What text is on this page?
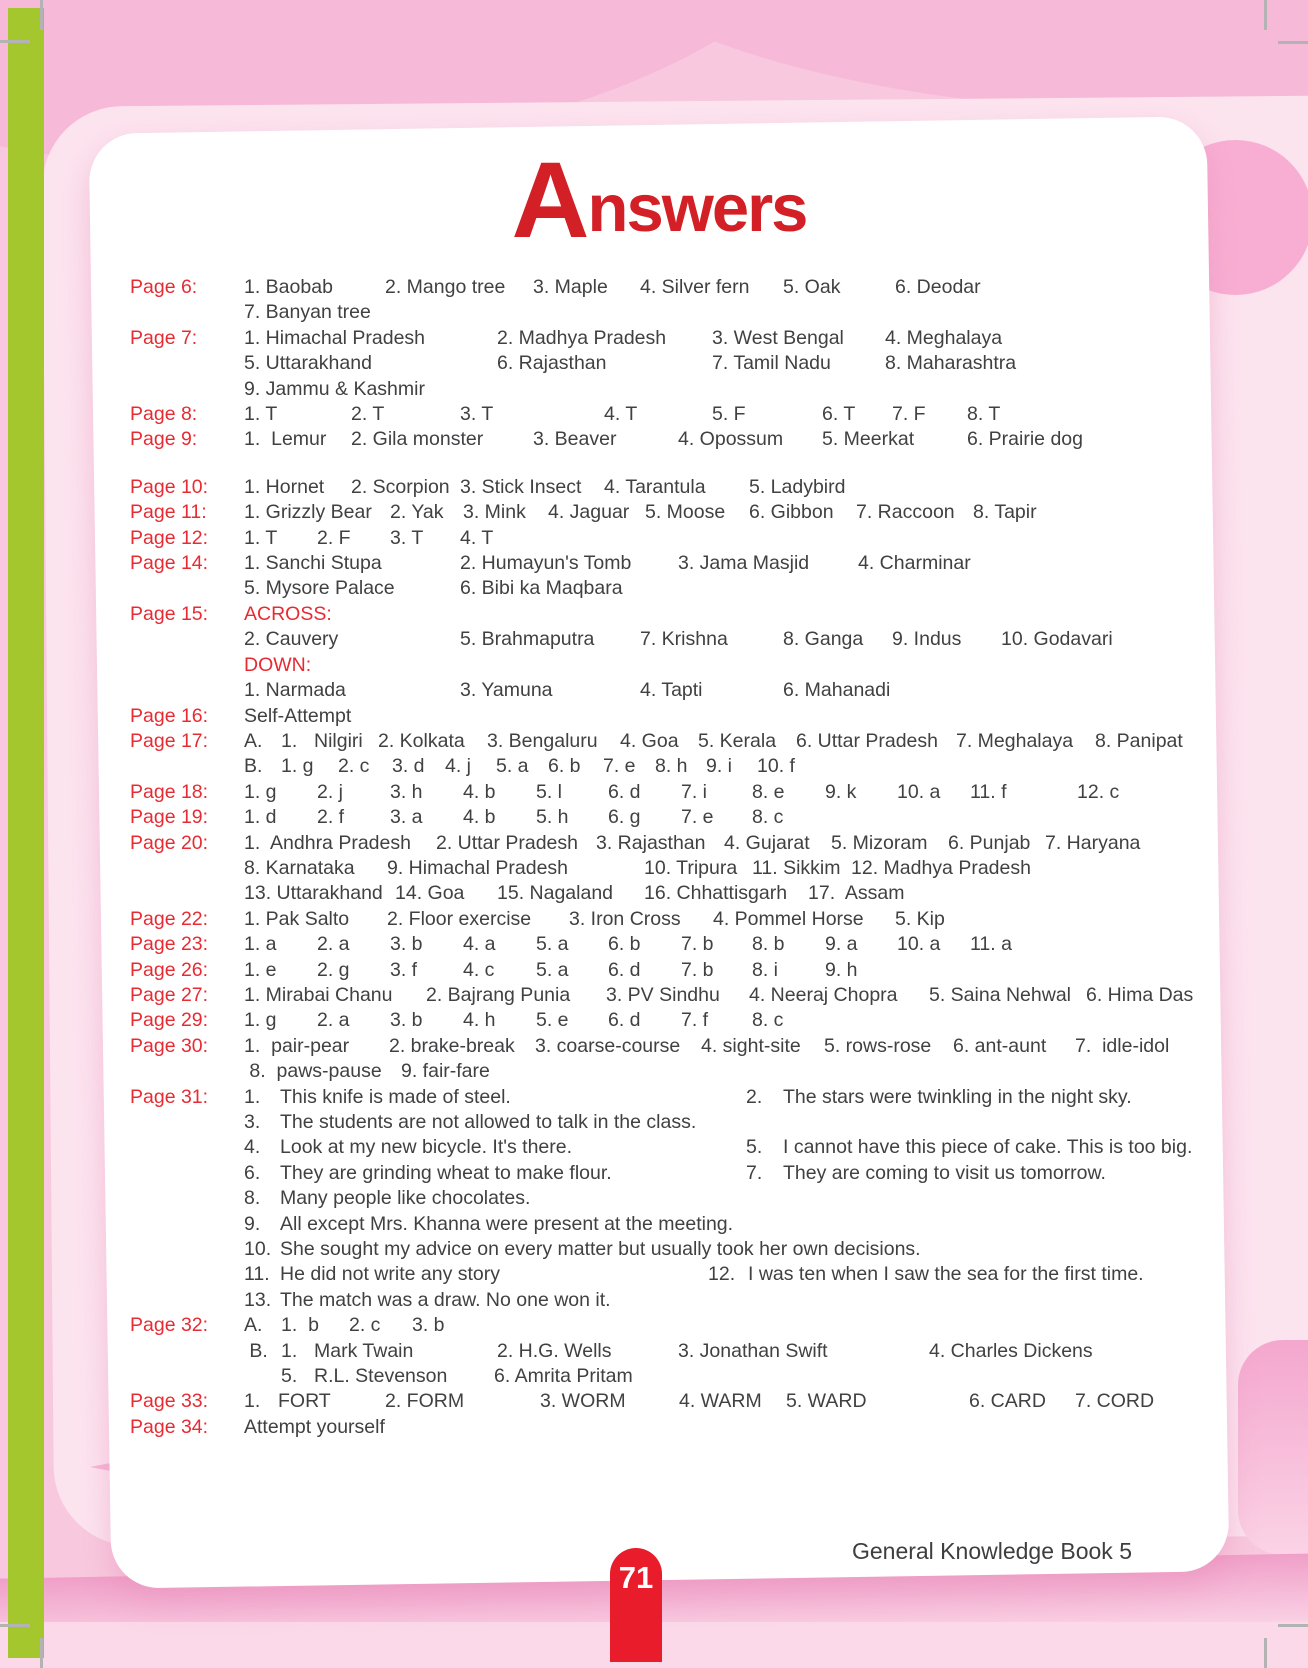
Answers
Page 6:	1. Baobab	2. Mango tree 3. Maple 4. Silver fern 5. Oak	6. Deodar
7. Banyan tree
Page 7:	1. Himachal Pradesh	2. Madhya Pradesh 3. West Bengal 4. Meghalaya
5. Uttarakhand	6. Rajasthan	7. Tamil Nadu	8. Maharashtra
9. Jammu & Kashmir
Page 8:	1. T	2. T	3. T	4. T	5. F	6. T 7. F 8. T
Page 9:	1.  Lemur 2. Gila monster	3. Beaver	4. Opossum 5. Meerkat	6. Prairie dog
Page 10:	1. Hornet 2. Scorpion 3. Stick Insect 4. Tarantula 5. Ladybird
Page 11:	1. Grizzly Bear 2. Yak 3. Mink 4. Jaguar 5. Moose 6. Gibbon 7. Raccoon 8. Tapir
Page 12:	1. T 2. F 3. T 4. T
Page 14:	1. Sanchi Stupa	2. Humayun's Tomb 3. Jama Masjid	4. Charminar
5. Mysore Palace	6. Bibi ka Maqbara
Page 15:	ACROSS:
2. Cauvery	5. Brahmaputra 7. Krishna	8. Ganga 9. Indus 10. Godavari
DOWN:
1. Narmada	3. Yamuna	4. Tapti	6. Mahanadi
Page 16:	Self-Attempt
Page 17:	A. 1. Nilgiri 2. Kolkata 3. Bengaluru 4. Goa 5. Kerala 6. Uttar Pradesh 7. Meghalaya 8. Panipat
B. 1. g 2. c 3. d 4. j 5. a 6. b 7. e 8. h 9. i 10. f
Page 18:	1. g 2. j 3. h 4. b 5. l 6. d 7. i 8. e 9. k 10. a 11. f	12. c
Page 19:	1. d 2. f 3. a 4. b 5. h 6. g 7. e 8. c
Page 20:	1.  Andhra Pradesh 2. Uttar Pradesh 3. Rajasthan 4. Gujarat 5. Mizoram 6. Punjab 7. Haryana
8. Karnataka 9. Himachal Pradesh	10. Tripura 11. Sikkim 12. Madhya Pradesh
13. Uttarakhand 14. Goa 15. Nagaland 16. Chhattisgarh 17.  Assam
Page 22:	1. Pak Salto 2. Floor exercise 3. Iron Cross 4. Pommel Horse 5. Kip
Page 23:	1. a 2. a 3. b 4. a 5. a 6. b 7. b 8. b 9. a 10. a 11. a
Page 26:	1. e 2. g 3. f 4. c 5. a 6. d 7. b 8. i 9. h
Page 27:	1. Mirabai Chanu 2. Bajrang Punia 3. PV Sindhu 4. Neeraj Chopra 5. Saina Nehwal 6. Hima Das
Page 29:	1. g 2. a 3. b 4. h 5. e 6. d 7. f 8. c
Page 30:	1.  pair-pear 2. brake-break 3. coarse-course 4. sight-site 5. rows-rose 6. ant-aunt 7.  idle-idol
8.  paws-pause 9. fair-fare
Page 31:	1. This knife is made of steel.	2. The stars were twinkling in the night sky.
3. The students are not allowed to talk in the class.
4. Look at my new bicycle. It's there.	5. I cannot have this piece of cake. This is too big.
6. They are grinding wheat to make flour.	7. They are coming to visit us tomorrow.
8. Many people like chocolates.
9. All except Mrs. Khanna were present at the meeting.
10. She sought my advice on every matter but usually took her own decisions.
11. He did not write any story	12. I was ten when I saw the sea for the first time.
13. The match was a draw. No one won it.
Page 32:	A. 1.  b 2. c 3. b
B. 1. Mark Twain	2. H.G. Wells	3. Jonathan Swift	4. Charles Dickens
5. R.L. Stevenson 6. Amrita Pritam
Page 33:	1. FORT	2. FORM	3. WORM	4. WARM 5. WARD	6. CARD 7. CORD
Page 34:	Attempt yourself
General Knowledge Book 5
71
